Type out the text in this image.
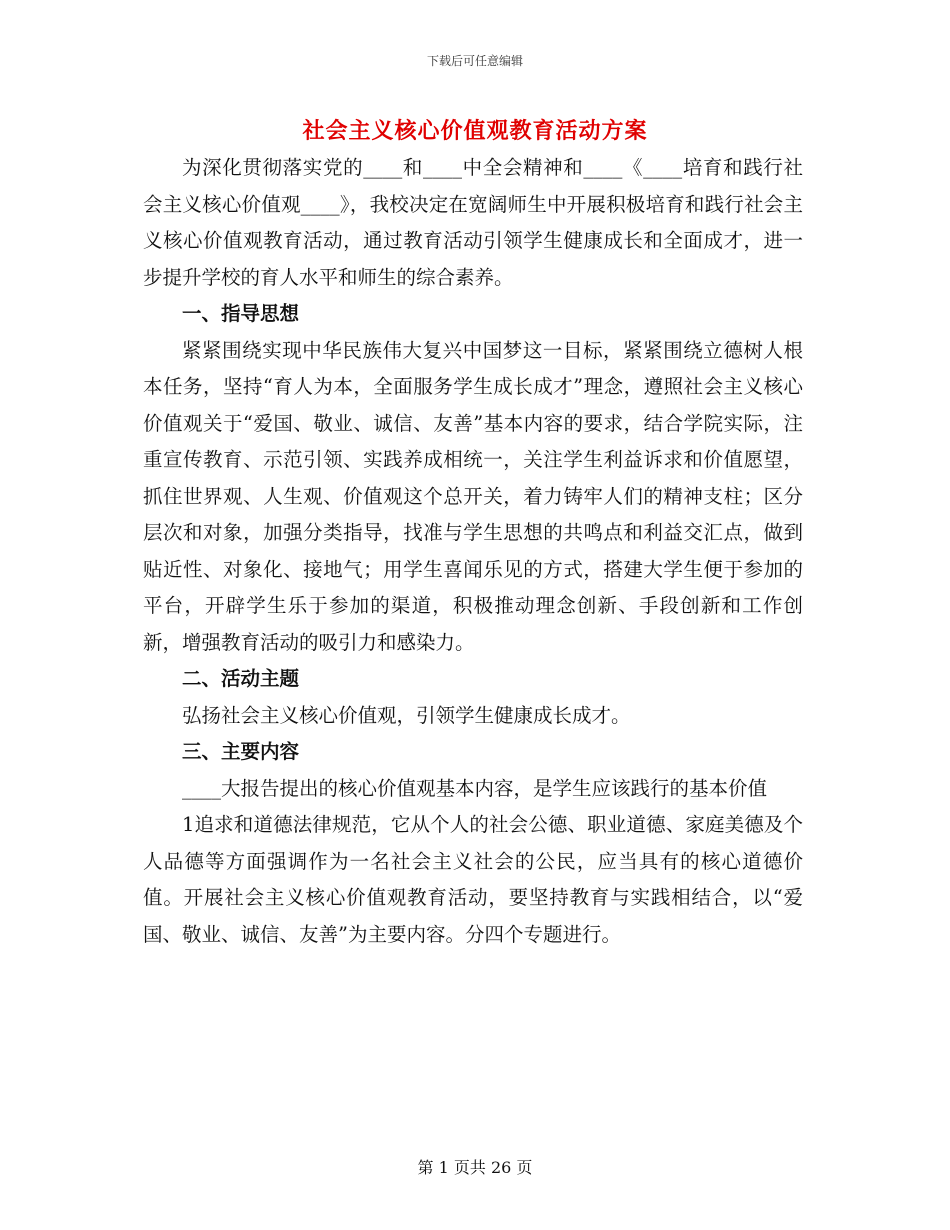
下载后可任意编辑
社会主义核心价值观教育活动方案

为深化贯彻落实党的____和____中全会精神和____《____培育和践行社会主义核心价值观____》，我校决定在宽阔师生中开展积极培育和践行社会主义核心价值观教育活动，通过教育活动引领学生健康成长和全面成才，进一步提升学校的育人水平和师生的综合素养。

一、指导思想

紧紧围绕实现中华民族伟大复兴中国梦这一目标，紧紧围绕立德树人根本任务，坚持“育人为本，全面服务学生成长成才”理念，遵照社会主义核心价值观关于“爱国、敬业、诚信、友善”基本内容的要求，结合学院实际，注重宣传教育、示范引领、实践养成相统一，关注学生利益诉求和价值愿望，抓住世界观、人生观、价值观这个总开关，着力铸牢人们的精神支柱；区分层次和对象，加强分类指导，找准与学生思想的共鸣点和利益交汇点，做到贴近性、对象化、接地气；用学生喜闻乐见的方式，搭建大学生便于参加的平台，开辟学生乐于参加的渠道，积极推动理念创新、手段创新和工作创新，增强教育活动的吸引力和感染力。

二、活动主题

弘扬社会主义核心价值观，引领学生健康成长成才。

三、主要内容

____大报告提出的核心价值观基本内容，是学生应该践行的基本价值

1追求和道德法律规范，它从个人的社会公德、职业道德、家庭美德及个人品德等方面强调作为一名社会主义社会的公民，应当具有的核心道德价值。开展社会主义核心价值观教育活动，要坚持教育与实践相结合，以“爱国、敬业、诚信、友善”为主要内容。分四个专题进行。

第 1 页共 26 页
